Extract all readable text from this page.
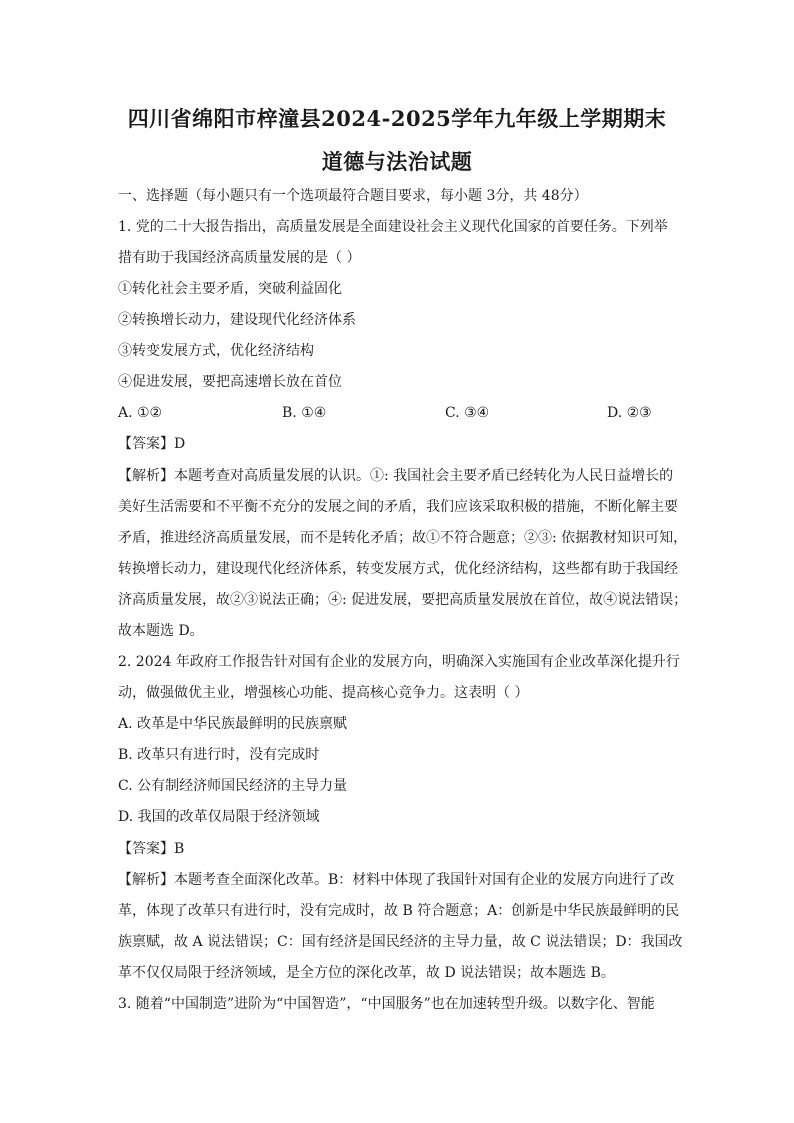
四川省绵阳市梓潼县2024-2025学年九年级上学期期末
道德与法治试题
一、选择题（每小题只有一个选项最符合题目要求，每小题 3分，共 48分）
1. 党的二十大报告指出，高质量发展是全面建设社会主义现代化国家的首要任务。下列举
措有助于我国经济高质量发展的是（ ）
①转化社会主要矛盾，突破利益固化
②转换增长动力，建设现代化经济体系
③转变发展方式，优化经济结构
④促进发展，要把高速增长放在首位
A. ①②	B. ①④	C. ③④	D. ②③
【答案】D
【解析】本题考查对高质量发展的认识。①: 我国社会主要矛盾已经转化为人民日益增长的
美好生活需要和不平衡不充分的发展之间的矛盾，我们应该采取积极的措施，不断化解主要
矛盾，推进经济高质量发展，而不是转化矛盾；故①不符合题意；②③: 依据教材知识可知，
转换增长动力，建设现代化经济体系，转变发展方式，优化经济结构，这些都有助于我国经
济高质量发展，故②③说法正确；④: 促进发展，要把高质量发展放在首位，故④说法错误；
故本题选 D。
2. 2024 年政府工作报告针对国有企业的发展方向，明确深入实施国有企业改革深化提升行
动，做强做优主业，增强核心功能、提高核心竞争力。这表明（ ）
A. 改革是中华民族最鲜明的民族禀赋
B. 改革只有进行时，没有完成时
C. 公有制经济师国民经济的主导力量
D. 我国的改革仅局限于经济领域
【答案】B
【解析】本题考查全面深化改革。B：材料中体现了我国针对国有企业的发展方向进行了改
革，体现了改革只有进行时，没有完成时，故 B 符合题意；A：创新是中华民族最鲜明的民
族禀赋，故 A 说法错误；C：国有经济是国民经济的主导力量，故 C 说法错误；D：我国改
革不仅仅局限于经济领域，是全方位的深化改革，故 D 说法错误；故本题选 B。
3. 随着“中国制造”进阶为“中国智造”，“中国服务”也在加速转型升级。以数字化、智能
